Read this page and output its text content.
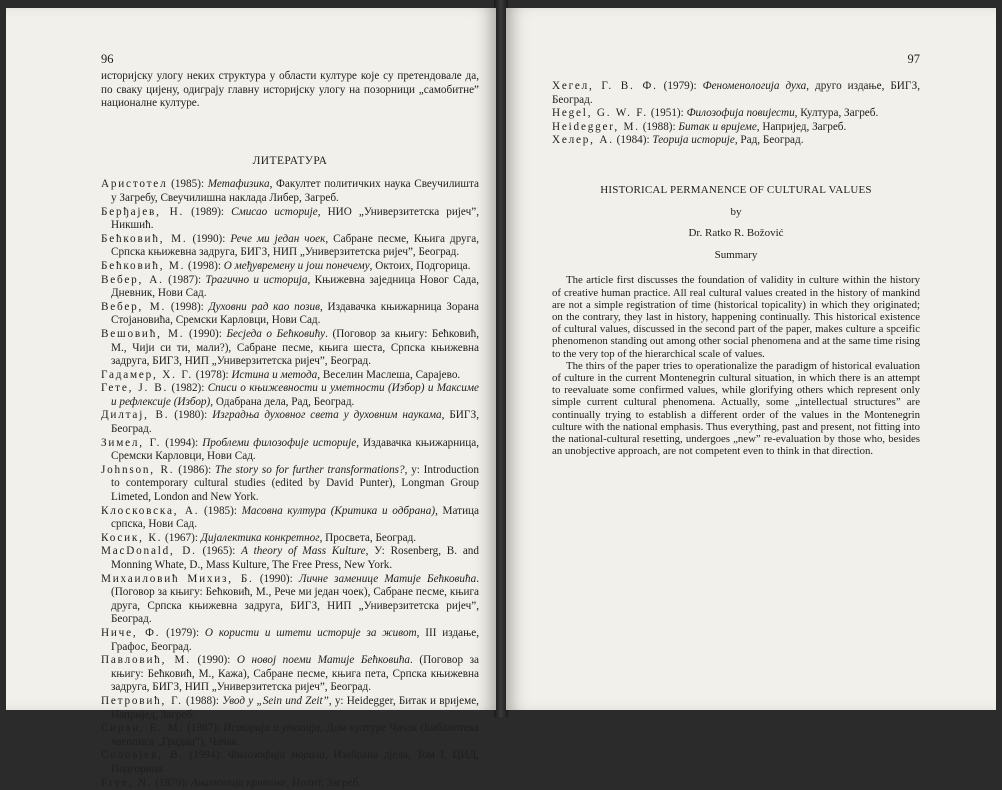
96

историјску улогу неких структура у области културе које су претендовале да, по сваку цијену, одиграју главну историјску улогу на позорници „самобитне” националне културе.

ЛИТЕРАТУРА

Аристотел (1985): Метафизика, Факултет политичких наука Свеучилишта у Загребу, Свеучилишна наклада Либер, Загреб.

Берђајев, Н. (1989): Смисао историје, НИО „Универзитетска ријеч”, Никшић.

Бећковић, М. (1990): Рече ми један чоек, Сабране песме, Књига друга, Српска књижевна задруга, БИГЗ, НИП „Универзитетска ријеч”, Београд.

Бећковић, М. (1998): О међувремену и још понечему, Октоих, Подгорица.

Вебер, А. (1987): Трагично и историја, Књижевна заједница Новог Сада, Дневник, Нови Сад.

Вебер, М. (1998): Духовни рад као позив, Издавачка књижарница Зорана Стојановића, Сремски Карловци, Нови Сад.

Вешовић, М. (1990): Бесједа о Бећковићу. (Поговор за књигу: Бећковић, М., Чији си ти, мали?), Сабране песме, књига шеста, Српска књижевна задруга, БИГЗ, НИП „Универзитетска ријеч”, Београд.

Гадамер, Х. Г. (1978): Истина и метода, Веселин Маслеша, Сарајево.

Гете, J. В. (1982): Списи о књижевности и уметности (Избор) и Максиме и рефлексије (Избор), Одабрана дела, Рад, Београд.

Дилтај, В. (1980): Изградња духовног света у духовним наукама, БИГЗ, Београд.

Зимел, Г. (1994): Проблеми филозофије историје, Издавачка књижарница, Сремски Карловци, Нови Сад.

Johnson, R. (1986): The story so for further transformations?, у: Introduction to contemporary cultural studies (edited by David Punter), Longman Group Limeted, London and New York.

Клосковска, А. (1985): Масовна култура (Критика и одбрана), Матица српска, Нови Сад.

Косик, К. (1967): Дијалектика конкретног, Просвета, Београд.

MacDonald, D. (1965): A theory of Mass Kulture, У: Rosenberg, B. and Monning Whate, D., Mass Kulture, The Free Press, New York.

Михаиловић Михиз, Б. (1990): Личне заменице Матије Бећковића. (Поговор за књигу: Бећковић, М., Рече ми један чоек), Сабране песме, књига друга, Српска књижевна задруга, БИГЗ, НИП „Универзитетска ријеч”, Београд.

Ниче, Ф. (1979): О користи и штети историје за живот, III издање, Графос, Београд.

Павловић, М. (1990): О новој поеми Матије Бећковића. (Поговор за књигу: Бећковић, М., Кажа), Сабране песме, књига пета, Српска књижевна задруга, БИГЗ, НИП „Универзитетска ријеч”, Београд.

Петровић, Г. (1988): Увод у „Sein und Zeit”, у: Heidegger, Битак и вријеме, Напријед, Загреб.

Сиран, Е. М. (1987): Историја и утопија, Дом културе Чачак (Библиотека часописа „Градац”), Чачак.

Соловјев, В. (1994): Филозофија морала, Изабрана дјела, Том I, ЦИД, Подгорица.

Frye, N. (1979): Анатомија критике, Нолит, Загреб.

97

Хегел, Г. В. Ф. (1979): Феноменологија духа, друго издање, БИГЗ, Београд.

Hegel, G. W. F. (1951): Филозофија повијести, Култура, Загреб.

Heidegger, M. (1988): Битак и вријеме, Напријед, Загреб.

Хелер, А. (1984): Теорија историје, Рад, Београд.

HISTORICAL PERMANENCE OF CULTURAL VALUES
by
Dr. Ratko R. Božović
Summary

The article first discusses the foundation of validity in culture within the history of creative human practice. All real cultural values created in the history of mankind are not a simple registration of time (historical topicality) in which they originated; on the contrary, they last in history, happening continually. This historical existence of cultural values, discussed in the second part of the paper, makes culture a spceific phenomenon standing out among other social phenomena and at the same time rising to the very top of the hierarchical scale of values.

The thirs of the paper tries to operationalize the paradigm of historical evaluation of culture in the current Montenegrin cultural situation, in which there is an attempt to reevaluate some confirmed values, while glorifying others which represent only simple current cultural phenomena. Actually, some „intellectual structures” are continually trying to establish a different order of the values in the Montenegrin culture with the national emphasis. Thus everything, past and present, not fitting into the national-cultural resetting, undergoes „new” re-evaluation by those who, besides an unobjective approach, are not competent even to think in that direction.
